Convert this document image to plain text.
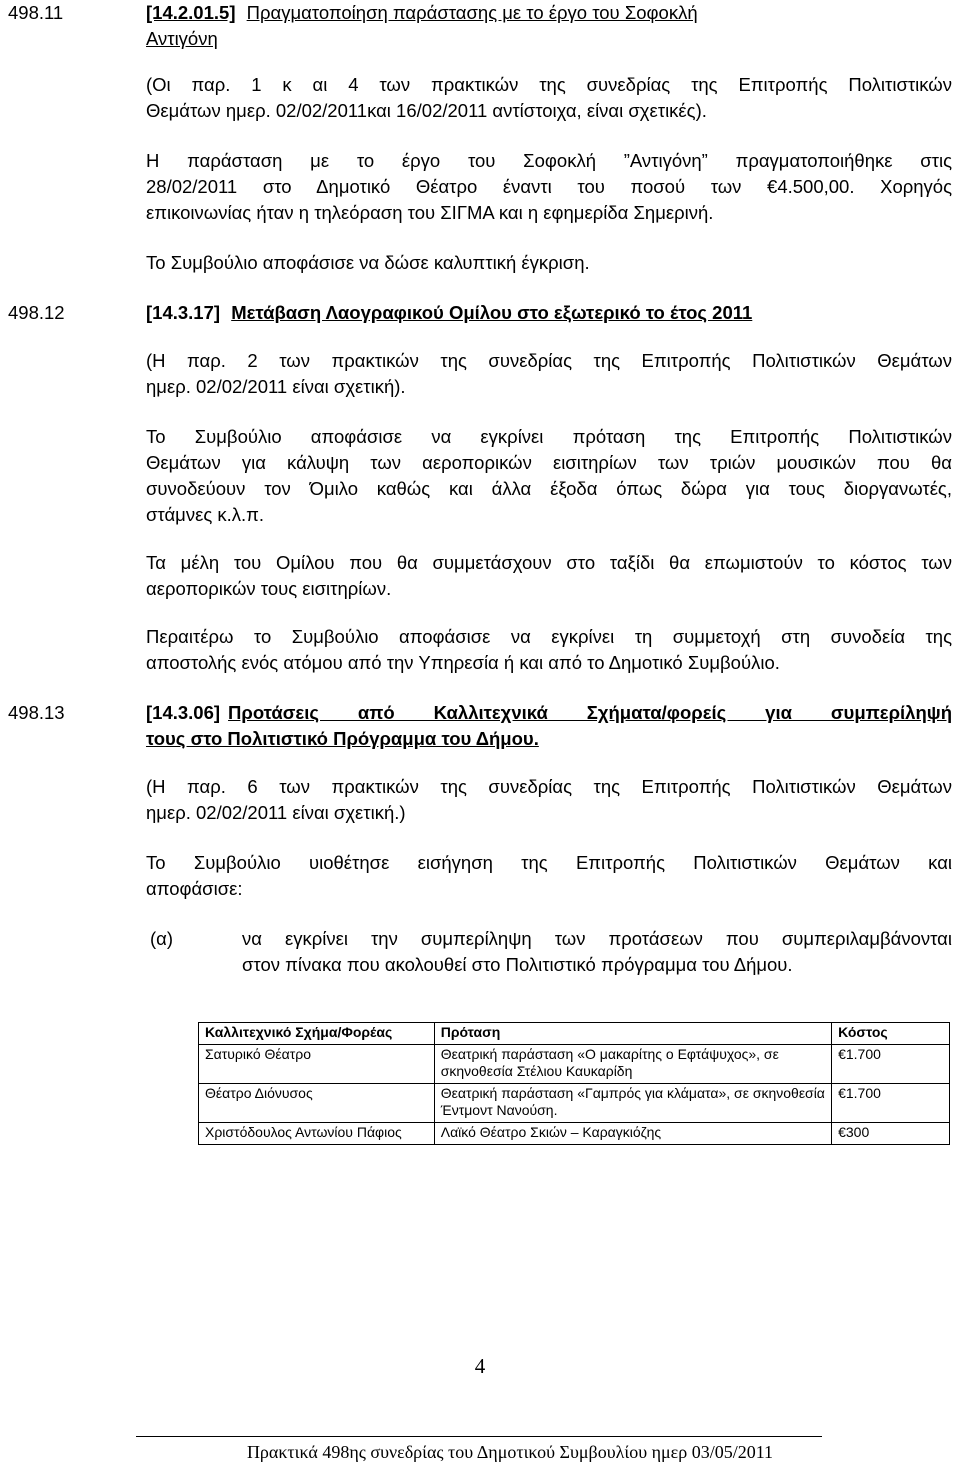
498.11	[14.2.01.5] Πραγματοποίηση παράστασης με το έργο του Σοφοκλή
Αντιγόνη
(Οι παρ. 1 κ αι 4 των πρακτικών της συνεδρίας της Επιτροπής Πολιτιστικών
Θεμάτων ημερ. 02/02/2011και 16/02/2011 αντίστοιχα, είναι σχετικές).
Η παράσταση με το έργο του Σοφοκλή ”Αντιγόνη” πραγματοποιήθηκε στις
28/02/2011 στο Δημοτικό Θέατρο έναντι του ποσού των €4.500,00. Χορηγός
επικοινωνίας ήταν η τηλεόραση του ΣΙΓΜΑ και η εφημερίδα Σημερινή.
Το Συμβούλιο αποφάσισε να δώσε καλυπτική έγκριση.
498.12	[14.3.17] Μετάβαση Λαογραφικού Ομίλου στο εξωτερικό το έτος 2011
(Η παρ. 2 των πρακτικών της συνεδρίας της Επιτροπής Πολιτιστικών Θεμάτων
ημερ. 02/02/2011 είναι σχετική).
Το Συμβούλιο αποφάσισε να εγκρίνει πρόταση της Επιτροπής Πολιτιστικών
Θεμάτων για κάλυψη των αεροπορικών εισιτηρίων των τριών μουσικών που θα
συνοδεύουν τον Όμιλο καθώς και άλλα έξοδα όπως δώρα για τους διοργανωτές,
στάμνες κ.λ.π.
Τα μέλη του Ομίλου που θα συμμετάσχουν στο ταξίδι θα επωμιστούν το κόστος των
αεροπορικών τους εισιτηρίων.
Περαιτέρω το Συμβούλιο αποφάσισε να εγκρίνει τη συμμετοχή στη συνοδεία της
αποστολής ενός ατόμου από την Υπηρεσία ή και από το Δημοτικό Συμβούλιο.
498.13	[14.3.06] Προτάσεις από Καλλιτεχνικά Σχήματα/φορείς για συμπερίληψή
τους στο Πολιτιστικό Πρόγραμμα του Δήμου.
(Η παρ. 6 των πρακτικών της συνεδρίας της Επιτροπής Πολιτιστικών Θεμάτων
ημερ. 02/02/2011 είναι σχετική.)
Το Συμβούλιο υιοθέτησε εισήγηση της Επιτροπής Πολιτιστικών Θεμάτων και
αποφάσισε:
(α)	να εγκρίνει την συμπερίληψη των προτάσεων που συμπεριλαμβάνονται
στον πίνακα που ακολουθεί στο Πολιτιστικό πρόγραμμα του Δήμου.
Καλλιτεχνικό Σχήμα/Φορέας	Πρόταση	Κόστος
Σατυρικό Θέατρο	Θεατρική παράσταση «Ο μακαρίτης ο Εφτάψυχος», σε σκηνοθεσία Στέλιου Καυκαρίδη	€1.700
Θέατρο Διόνυσος	Θεατρική παράσταση «Γαμπρός για κλάματα», σε σκηνοθεσία Έντμοντ Νανούση.	€1.700
Χριστόδουλος Αντωνίου Πάφιος	Λαϊκό Θέατρο Σκιών – Καραγκιόζης	€300
4
Πρακτικά 498ης συνεδρίας του Δημοτικού Συμβουλίου ημερ 03/05/2011
